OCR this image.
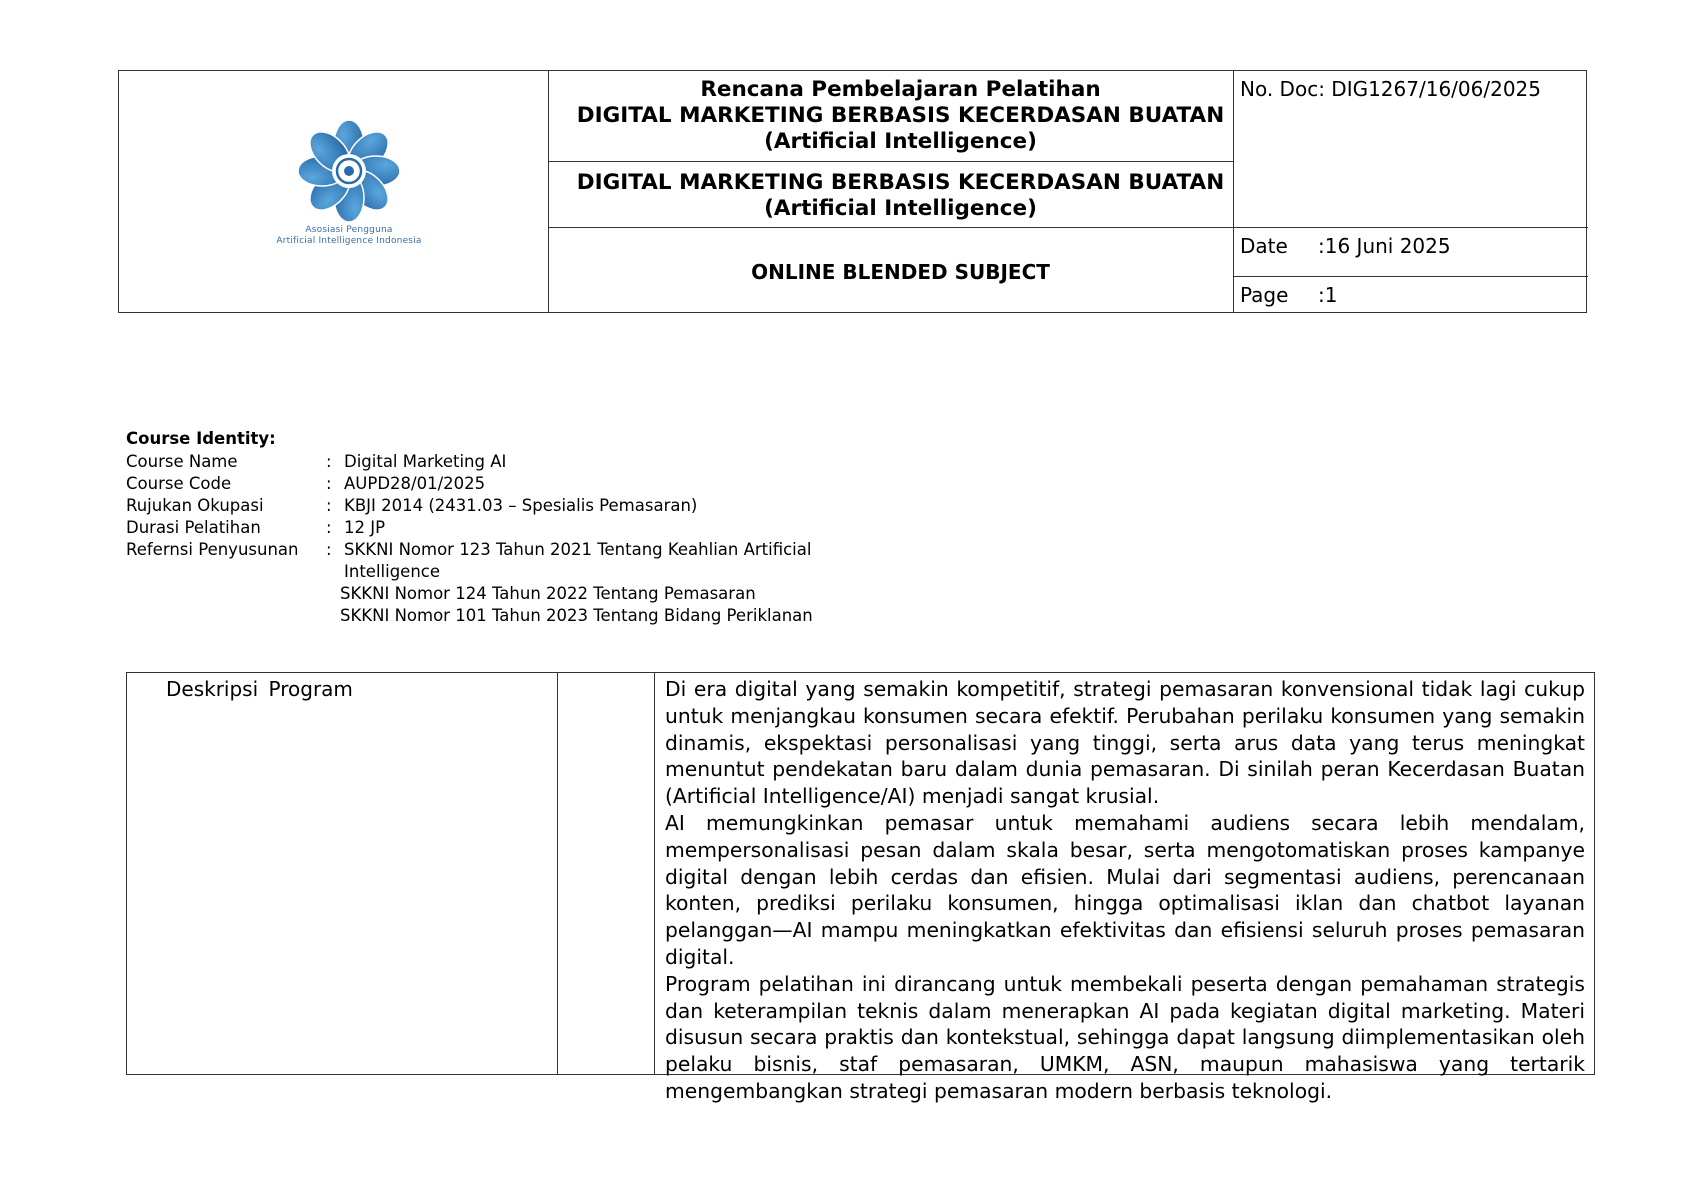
Asosiasi Pengguna
Artificial Intelligence Indonesia
Rencana Pembelajaran Pelatihan
DIGITAL MARKETING BERBASIS KECERDASAN BUATAN
(Artificial Intelligence)
DIGITAL MARKETING BERBASIS KECERDASAN BUATAN
(Artificial Intelligence)
ONLINE BLENDED SUBJECT
No. Doc: DIG1267/16/06/2025
Date :16 Juni 2025
Page :1
Course Identity:
Course Name	: Digital Marketing AI
Course Code	: AUPD28/01/2025
Rujukan Okupasi	: KBJI 2014 (2431.03 – Spesialis Pemasaran)
Durasi Pelatihan	: 12 JP
Refernsi Penyusunan	: SKKNI Nomor 123 Tahun 2021 Tentang Keahlian Artificial
Intelligence
SKKNI Nomor 124 Tahun 2022 Tentang Pemasaran
SKKNI Nomor 101 Tahun 2023 Tentang Bidang Periklanan
Deskripsi Program	Di era digital yang semakin kompetitif, strategi pemasaran konvensional tidak lagi cukup untuk menjangkau konsumen secara efektif. Perubahan perilaku konsumen yang semakin dinamis, ekspektasi personalisasi yang tinggi, serta arus data yang terus meningkat menuntut pendekatan baru dalam dunia pemasaran. Di sinilah peran Kecerdasan Buatan (Artificial Intelligence/AI) menjadi sangat krusial.

AI memungkinkan pemasar untuk memahami audiens secara lebih mendalam, mempersonalisasi pesan dalam skala besar, serta mengotomatiskan proses kampanye digital dengan lebih cerdas dan efisien. Mulai dari segmentasi audiens, perencanaan konten, prediksi perilaku konsumen, hingga optimalisasi iklan dan chatbot layanan pelanggan—AI mampu meningkatkan efektivitas dan efisiensi seluruh proses pemasaran digital.

Program pelatihan ini dirancang untuk membekali peserta dengan pemahaman strategis dan keterampilan teknis dalam menerapkan AI pada kegiatan digital marketing. Materi disusun secara praktis dan kontekstual, sehingga dapat langsung diimplementasikan oleh pelaku bisnis, staf pemasaran, UMKM, ASN, maupun mahasiswa yang tertarik mengembangkan strategi pemasaran modern berbasis teknologi.
